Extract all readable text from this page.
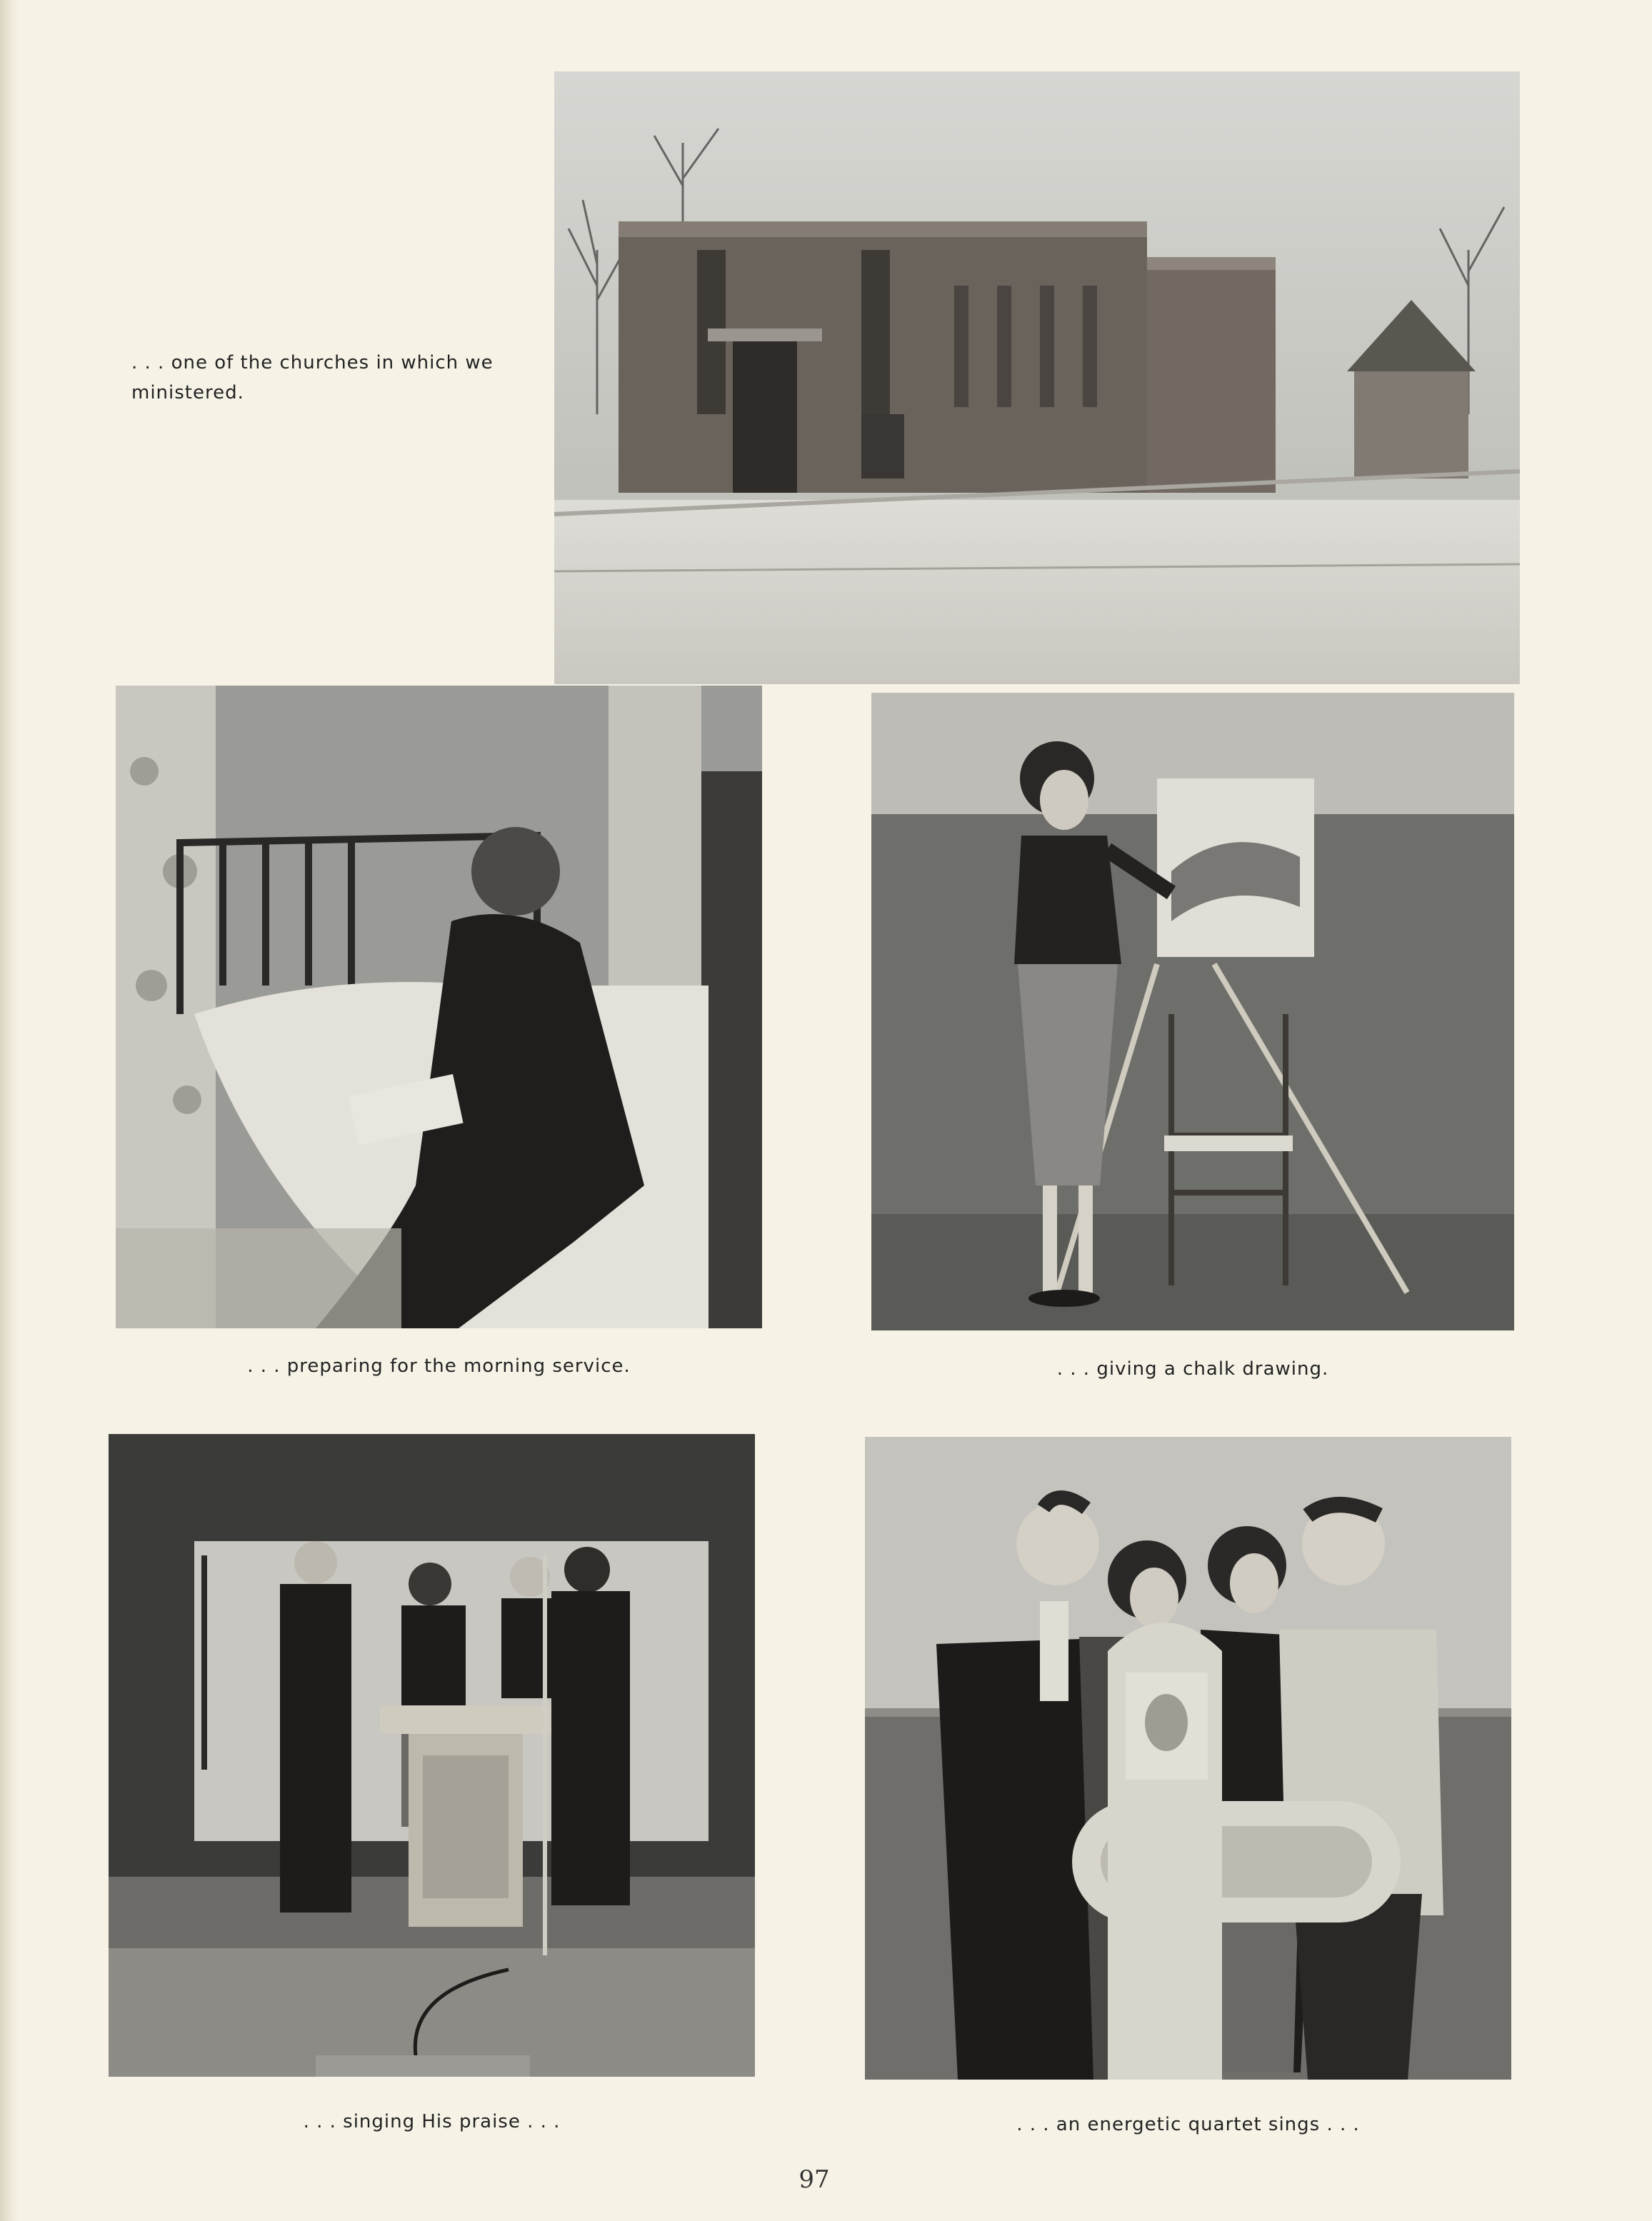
. . . one of the churches in which we ministered.
. . . preparing for the morning service.	. . . giving a chalk drawing.
. . . singing His praise . . .	. . . an energetic quartet sings . . .
97
